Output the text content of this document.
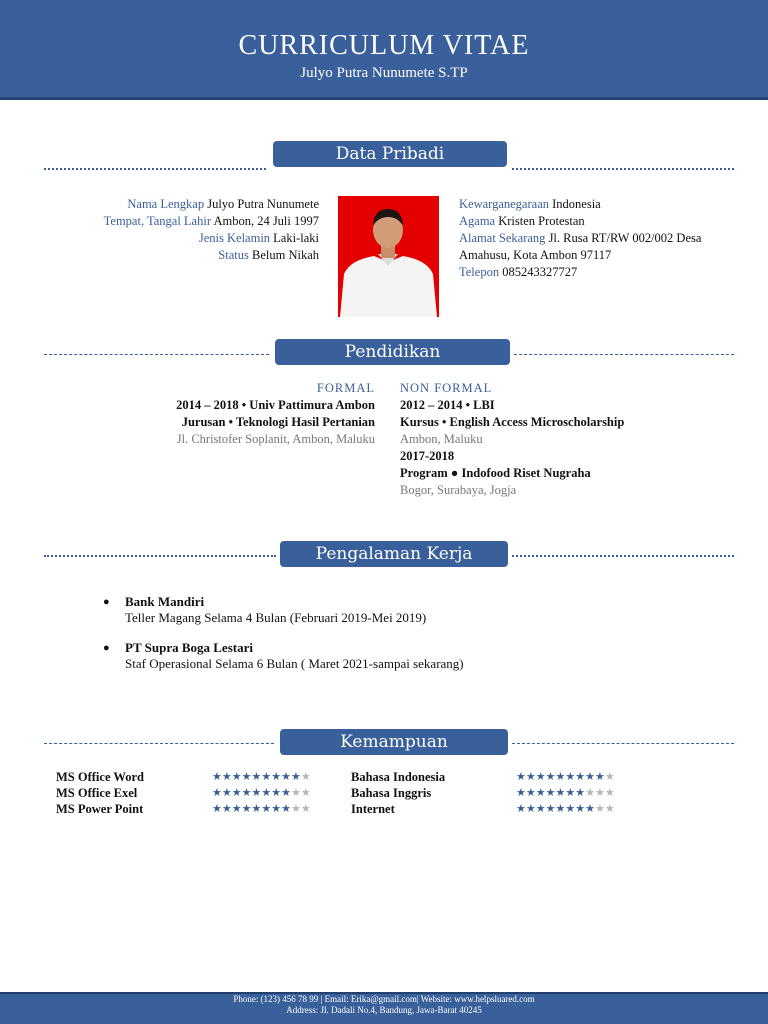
CURRICULUM VITAE
Julyo Putra Nunumete S.TP
Data Pribadi
Nama Lengkap Julyo Putra Nunumete
Tempat, Tangal Lahir Ambon, 24 Juli 1997
Jenis Kelamin Laki-laki
Status Belum Nikah
Kewarganegaraan Indonesia
Agama Kristen Protestan
Alamat Sekarang Jl. Rusa RT/RW 002/002 Desa Amahusu, Kota Ambon 97117
Telepon 085243327727
Pendidikan
FORMAL
2014 – 2018 • Univ Pattimura Ambon
Jurusan • Teknologi Hasil Pertanian
Jl. Christofer Soplanit, Ambon, Maluku
NON FORMAL
2012 – 2014 • LBI
Kursus • English Access Microscholarship
Ambon, Maluku
2017-2018
Program ● Indofood Riset Nugraha
Bogor, Surabaya, Jogja
Pengalaman Kerja
● Bank Mandiri
Teller Magang Selama 4 Bulan (Februari 2019-Mei 2019)
● PT Supra Boga Lestari
Staf Operasional Selama 6 Bulan ( Maret 2021-sampai sekarang)
Kemampuan
MS Office Word
MS Office Exel
MS Power Point
★★★★★★★★★★
★★★★★★★★★★
★★★★★★★★★★
Bahasa Indonesia
Bahasa Inggris
Internet
★★★★★★★★★★
★★★★★★★★★★
★★★★★★★★★★
Phone: (123) 456 78 99 | Email: Erika@gmail.com| Website: www.helpsluared.com
Address: Jl. Dadali No.4, Bandung, Jawa-Barat 40245
